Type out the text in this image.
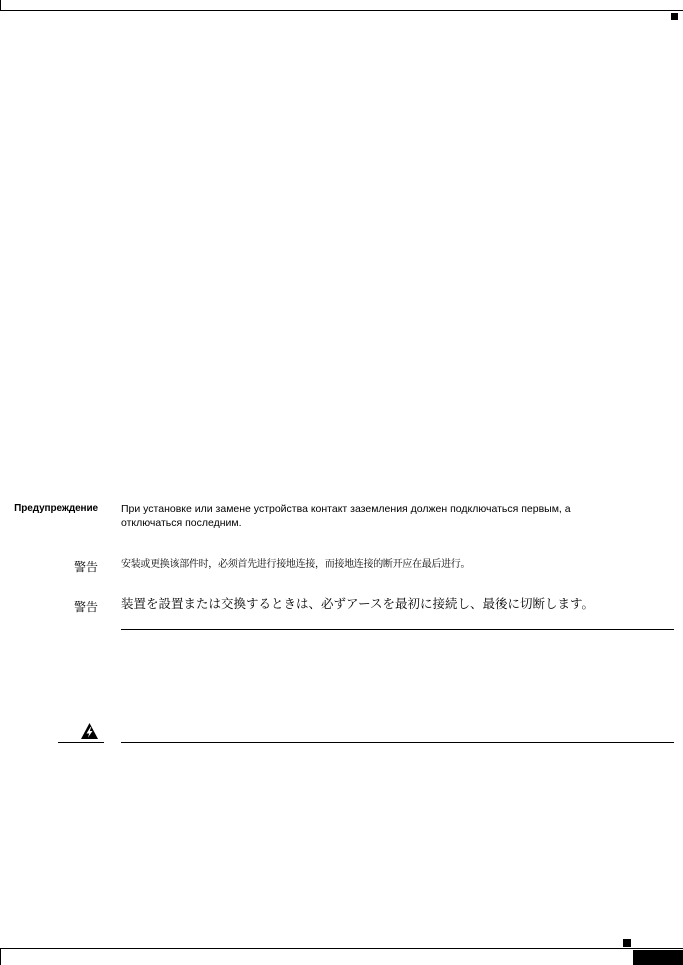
Предупреждение При установке или замене устройства контакт заземления должен подключаться первым, а
отключаться последним.
警告 安装或更换该部件时，必须首先进行接地连接，而接地连接的断开应在最后进行。
警告 装置を設置または交換するときは、必ずアースを最初に接続し、最後に切断します。
